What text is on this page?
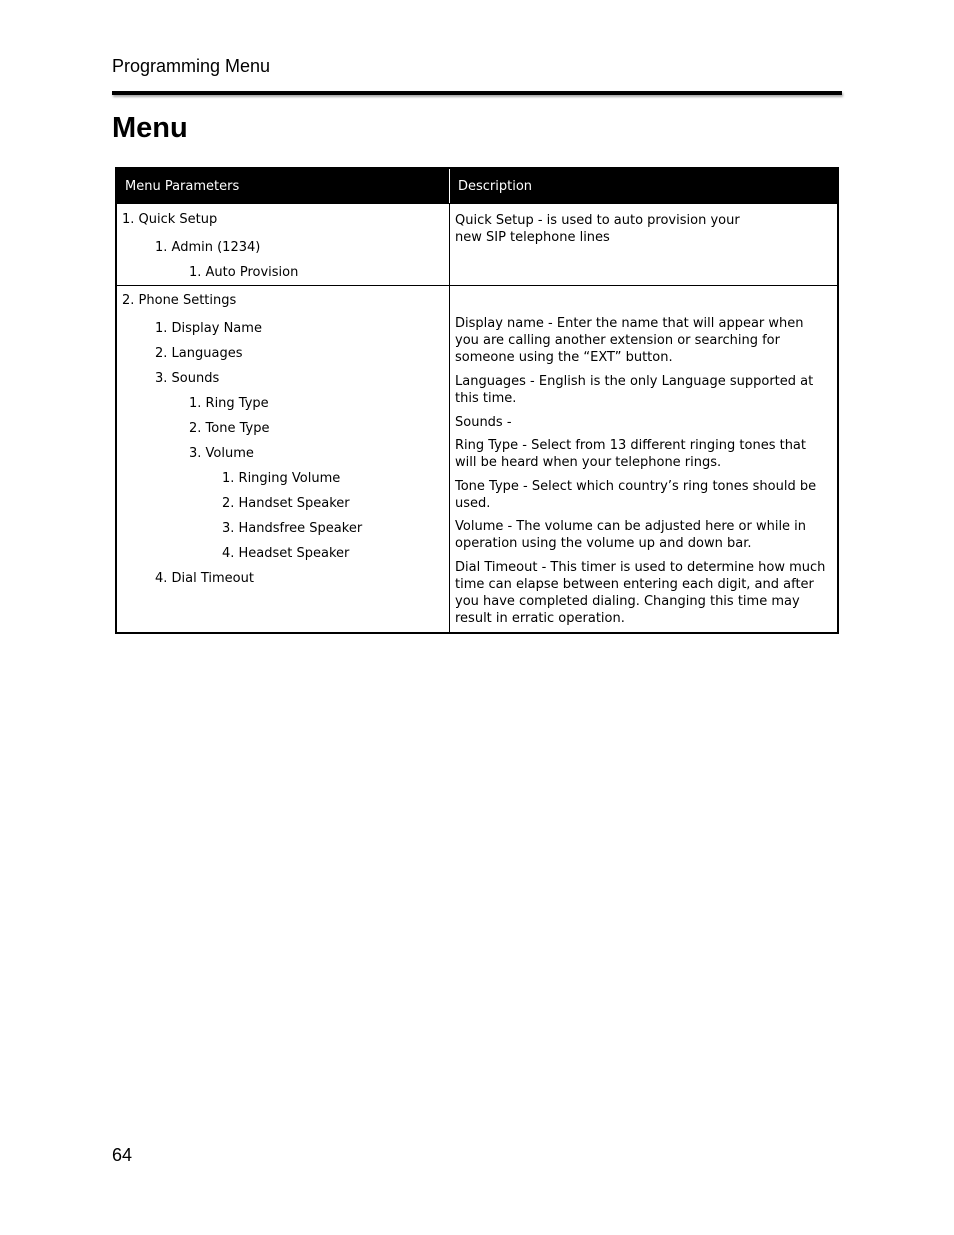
Programming Menu
Menu
Menu Parameters	Description
1. Quick Setup
1. Admin (1234)
1. Auto Provision
Quick Setup - is used to auto provision your new SIP telephone lines
2. Phone Settings
1. Display Name
2. Languages
3. Sounds
1. Ring Type
2. Tone Type
3. Volume
1. Ringing Volume
2. Handset Speaker
3. Handsfree Speaker
4. Headset Speaker
4. Dial Timeout
Display name - Enter the name that will appear when you are calling another extension or searching for someone using the “EXT” button.
Languages - English is the only Language supported at this time.
Sounds -
Ring Type - Select from 13 different ringing tones that will be heard when your telephone rings.
Tone Type - Select which country’s ring tones should be used.
Volume - The volume can be adjusted here or while in operation using the volume up and down bar.
Dial Timeout - This timer is used to determine how much time can elapse between entering each digit, and after you have completed dialing. Changing this time may result in erratic operation.
64
